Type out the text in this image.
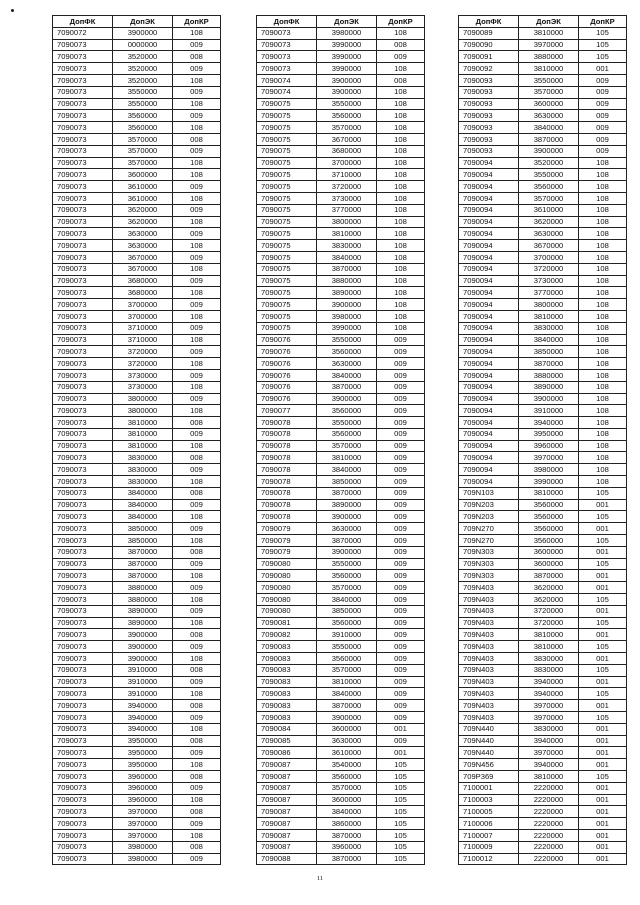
ДопФК	ДопЭК	ДопКР
7090072	3900000	108
7090073	0000000	009
7090073	3520000	008
7090073	3520000	009
7090073	3520000	108
7090073	3550000	009
7090073	3550000	108
7090073	3560000	009
7090073	3560000	108
7090073	3570000	008
7090073	3570000	009
7090073	3570000	108
7090073	3600000	108
7090073	3610000	009
7090073	3610000	108
7090073	3620000	009
7090073	3620000	108
7090073	3630000	009
7090073	3630000	108
7090073	3670000	009
7090073	3670000	108
7090073	3680000	009
7090073	3680000	108
7090073	3700000	009
7090073	3700000	108
7090073	3710000	009
7090073	3710000	108
7090073	3720000	009
7090073	3720000	108
7090073	3730000	009
7090073	3730000	108
7090073	3800000	009
7090073	3800000	108
7090073	3810000	008
7090073	3810000	009
7090073	3810000	108
7090073	3830000	008
7090073	3830000	009
7090073	3830000	108
7090073	3840000	008
7090073	3840000	009
7090073	3840000	108
7090073	3850000	009
7090073	3850000	108
7090073	3870000	008
7090073	3870000	009
7090073	3870000	108
7090073	3880000	009
7090073	3880000	108
7090073	3890000	009
7090073	3890000	108
7090073	3900000	008
7090073	3900000	009
7090073	3900000	108
7090073	3910000	008
7090073	3910000	009
7090073	3910000	108
7090073	3940000	008
7090073	3940000	009
7090073	3940000	108
7090073	3950000	008
7090073	3950000	009
7090073	3950000	108
7090073	3960000	008
7090073	3960000	009
7090073	3960000	108
7090073	3970000	008
7090073	3970000	009
7090073	3970000	108
7090073	3980000	008
7090073	3980000	009
ДопФК	ДопЭК	ДопКР
7090073	3980000	108
7090073	3990000	008
7090073	3990000	009
7090073	3990000	108
7090074	3900000	008
7090074	3900000	108
7090075	3550000	108
7090075	3560000	108
7090075	3570000	108
7090075	3670000	108
7090075	3680000	108
7090075	3700000	108
7090075	3710000	108
7090075	3720000	108
7090075	3730000	108
7090075	3770000	108
7090075	3800000	108
7090075	3810000	108
7090075	3830000	108
7090075	3840000	108
7090075	3870000	108
7090075	3880000	108
7090075	3890000	108
7090075	3900000	108
7090075	3980000	108
7090075	3990000	108
7090076	3550000	009
7090076	3560000	009
7090076	3630000	009
7090076	3840000	009
7090076	3870000	009
7090076	3900000	009
7090077	3560000	009
7090078	3550000	009
7090078	3560000	009
7090078	3570000	009
7090078	3810000	009
7090078	3840000	009
7090078	3850000	009
7090078	3870000	009
7090078	3890000	009
7090078	3900000	009
7090079	3630000	009
7090079	3870000	009
7090079	3900000	009
7090080	3550000	009
7090080	3560000	009
7090080	3570000	009
7090080	3840000	009
7090080	3850000	009
7090081	3560000	009
7090082	3910000	009
7090083	3550000	009
7090083	3560000	009
7090083	3570000	009
7090083	3810000	009
7090083	3840000	009
7090083	3870000	009
7090083	3900000	009
7090084	3600000	001
7090085	3630000	009
7090086	3610000	001
7090087	3540000	105
7090087	3560000	105
7090087	3570000	105
7090087	3600000	105
7090087	3840000	105
7090087	3860000	105
7090087	3870000	105
7090087	3960000	105
7090088	3870000	105
ДопФК	ДопЭК	ДопКР
7090089	3810000	105
7090090	3970000	105
7090091	3880000	105
7090092	3810000	001
7090093	3550000	009
7090093	3570000	009
7090093	3600000	009
7090093	3630000	009
7090093	3840000	009
7090093	3870000	009
7090093	3900000	009
7090094	3520000	108
7090094	3550000	108
7090094	3560000	108
7090094	3570000	108
7090094	3610000	108
7090094	3620000	108
7090094	3630000	108
7090094	3670000	108
7090094	3700000	108
7090094	3720000	108
7090094	3730000	108
7090094	3770000	108
7090094	3800000	108
7090094	3810000	108
7090094	3830000	108
7090094	3840000	108
7090094	3850000	108
7090094	3870000	108
7090094	3880000	108
7090094	3890000	108
7090094	3900000	108
7090094	3910000	108
7090094	3940000	108
7090094	3950000	108
7090094	3960000	108
7090094	3970000	108
7090094	3980000	108
7090094	3990000	108
709N103	3810000	105
709N203	3560000	001
709N203	3560000	105
709N270	3560000	001
709N270	3560000	105
709N303	3600000	001
709N303	3600000	105
709N303	3870000	001
709N403	3620000	001
709N403	3620000	105
709N403	3720000	001
709N403	3720000	105
709N403	3810000	001
709N403	3810000	105
709N403	3830000	001
709N403	3830000	105
709N403	3940000	001
709N403	3940000	105
709N403	3970000	001
709N403	3970000	105
709N440	3830000	001
709N440	3940000	001
709N440	3970000	001
709N456	3940000	001
709P369	3810000	105
7100001	2220000	001
7100003	2220000	001
7100005	2220000	001
7100006	2220000	001
7100007	2220000	001
7100009	2220000	001
7100012	2220000	001
11
